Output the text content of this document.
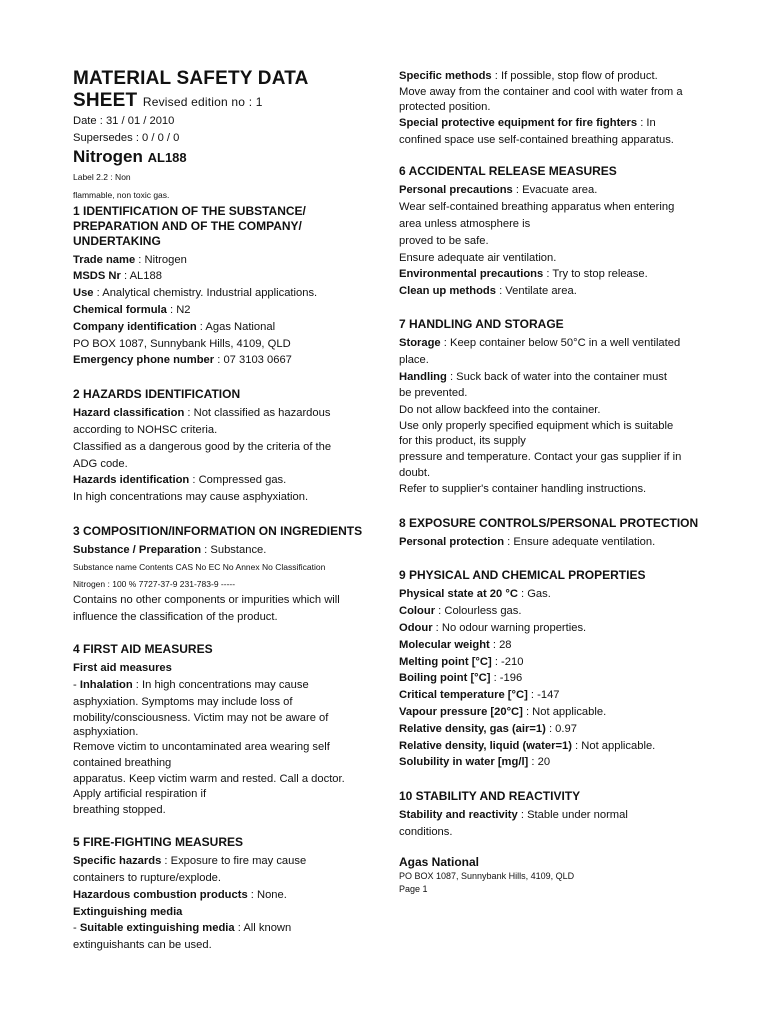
MATERIAL SAFETY DATA
SHEET Revised edition no : 1
Date : 31 / 01 / 2010
Supersedes : 0 / 0 / 0
Nitrogen AL188
Label 2.2 : Non
flammable, non toxic gas.
1 IDENTIFICATION OF THE SUBSTANCE/ PREPARATION AND OF THE COMPANY/ UNDERTAKING
Trade name : Nitrogen
MSDS Nr : AL188
Use : Analytical chemistry. Industrial applications.
Chemical formula : N2
Company identification : Agas National
PO BOX 1087, Sunnybank Hills, 4109, QLD
Emergency phone number : 07 3103 0667
2 HAZARDS IDENTIFICATION
Hazard classification : Not classified as hazardous
according to NOHSC criteria.
Classified as a dangerous good by the criteria of the
ADG code.
Hazards identification : Compressed gas.
In high concentrations may cause asphyxiation.
3 COMPOSITION/INFORMATION ON INGREDIENTS
Substance / Preparation : Substance.
Substance name Contents CAS No EC No Annex No Classification
Nitrogen : 100 % 7727-37-9 231-783-9 -----
Contains no other components or impurities which will
influence the classification of the product.
4 FIRST AID MEASURES
First aid measures
- Inhalation : In high concentrations may cause
asphyxiation. Symptoms may include loss of
mobility/consciousness. Victim may not be aware of
asphyxiation.
Remove victim to uncontaminated area wearing self
contained breathing
apparatus. Keep victim warm and rested. Call a doctor.
Apply artificial respiration if
breathing stopped.
5 FIRE-FIGHTING MEASURES
Specific hazards : Exposure to fire may cause
containers to rupture/explode.
Hazardous combustion products : None.
Extinguishing media
- Suitable extinguishing media : All known
extinguishants can be used.
Specific methods : If possible, stop flow of product.
Move away from the container and cool with water from a
protected position.
Special protective equipment for fire fighters : In
confined space use self-contained breathing apparatus.
6 ACCIDENTAL RELEASE MEASURES
Personal precautions : Evacuate area.
Wear self-contained breathing apparatus when entering
area unless atmosphere is
proved to be safe.
Ensure adequate air ventilation.
Environmental precautions : Try to stop release.
Clean up methods : Ventilate area.
7 HANDLING AND STORAGE
Storage : Keep container below 50°C in a well ventilated
place.
Handling : Suck back of water into the container must
be prevented.
Do not allow backfeed into the container.
Use only properly specified equipment which is suitable
for this product, its supply
pressure and temperature. Contact your gas supplier if in
doubt.
Refer to supplier's container handling instructions.
8 EXPOSURE CONTROLS/PERSONAL PROTECTION
Personal protection : Ensure adequate ventilation.
9 PHYSICAL AND CHEMICAL PROPERTIES
Physical state at 20 °C : Gas.
Colour : Colourless gas.
Odour : No odour warning properties.
Molecular weight : 28
Melting point [°C] : -210
Boiling point [°C] : -196
Critical temperature [°C] : -147
Vapour pressure [20°C] : Not applicable.
Relative density, gas (air=1) : 0.97
Relative density, liquid (water=1) : Not applicable.
Solubility in water [mg/l] : 20
10 STABILITY AND REACTIVITY
Stability and reactivity : Stable under normal
conditions.
Agas National
PO BOX 1087, Sunnybank Hills, 4109, QLD
Page 1
